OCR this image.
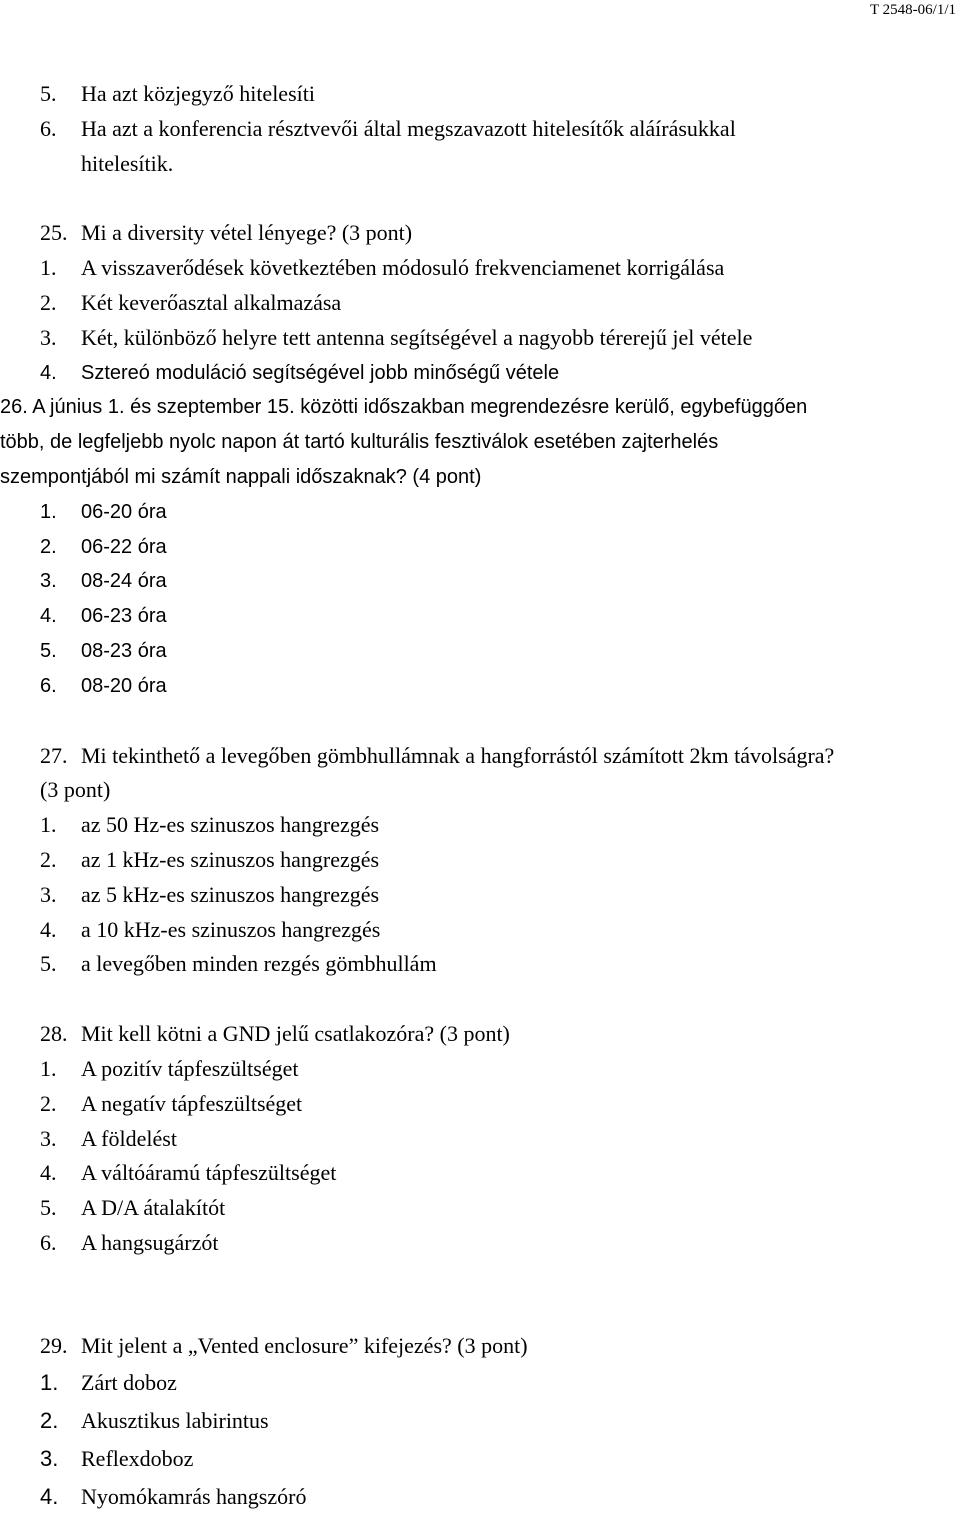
T 2548-06/1/1
5. Ha azt közjegyző hitelesíti
6. Ha azt a konferencia résztvevői által megszavazott hitelesítők aláírásukkal
hitelesítik.
25. Mi a diversity vétel lényege? (3 pont)
1. A visszaverődések következtében módosuló frekvenciamenet korrigálása
2. Két keverőasztal alkalmazása
3. Két, különböző helyre tett antenna segítségével a nagyobb térerejű jel vétele
4. Sztereó moduláció segítségével jobb minőségű vétele
26. A június 1. és szeptember 15. közötti időszakban megrendezésre kerülő, egybefüggően
több, de legfeljebb nyolc napon át tartó kulturális fesztiválok esetében zajterhelés
szempontjából mi számít nappali időszaknak? (4 pont)
1. 06-20 óra
2. 06-22 óra
3. 08-24 óra
4. 06-23 óra
5. 08-23 óra
6. 08-20 óra
27. Mi tekinthető a levegőben gömbhullámnak a hangforrástól számított 2km távolságra?
(3 pont)
1. az 50 Hz-es szinuszos hangrezgés
2. az 1 kHz-es szinuszos hangrezgés
3. az 5 kHz-es szinuszos hangrezgés
4. a 10 kHz-es szinuszos hangrezgés
5. a levegőben minden rezgés gömbhullám
28. Mit kell kötni a GND jelű csatlakozóra? (3 pont)
1. A pozitív tápfeszültséget
2. A negatív tápfeszültséget
3. A földelést
4. A váltóáramú tápfeszültséget
5. A D/A átalakítót
6. A hangsugárzót
29. Mit jelent a „Vented enclosure” kifejezés? (3 pont)
1. Zárt doboz
2. Akusztikus labirintus
3. Reflexdoboz
4. Nyomókamrás hangszóró
